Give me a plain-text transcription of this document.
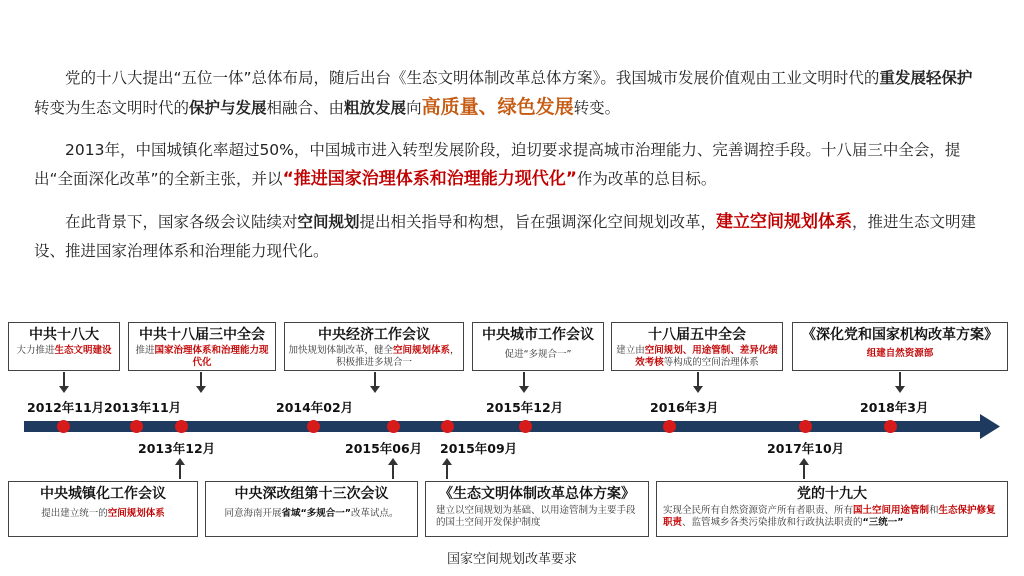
党的十八大提出“五位一体”总体布局，随后出台《生态文明体制改革总体方案》。我国城市发展价值观由工业文明时代的重发展轻保护转变为生态文明时代的保护与发展相融合、由粗放发展向高质量、绿色发展转变。

2013年，中国城镇化率超过50%，中国城市进入转型发展阶段，迫切要求提高城市治理能力、完善调控手段。十八届三中全会，提出“全面深化改革”的全新主张，并以“推进国家治理体系和治理能力现代化”作为改革的总目标。

在此背景下，国家各级会议陆续对空间规划提出相关指导和构想，旨在强调深化空间规划改革，建立空间规划体系，推进生态文明建设、推进国家治理体系和治理能力现代化。

中共十八大
大力推进生态文明建设
中共十八届三中全会
推进国家治理体系和治理能力现代化
中央经济工作会议
加快规划体制改革，健全空间规划体系，积极推进多规合一
中央城市工作会议
促进“多规合一”
十八届五中全会
建立由空间规划、用途管制、差异化绩效考核等构成的空间治理体系
《深化党和国家机构改革方案》
组建自然资源部
2012年11月 2013年11月	2014年02月	2015年12月	2016年3月	2018年3月
2013年12月	2015年06月 2015年09月	2017年10月
中央城镇化工作会议
提出建立统一的空间规划体系
中央深改组第十三次会议
同意海南开展省域“多规合一”改革试点。
《生态文明体制改革总体方案》
建立以空间规划为基础、以用途管制为主要手段的国土空间开发保护制度
党的十九大
实现全民所有自然资源资产所有者职责、所有国土空间用途管制和生态保护修复职责、监管城乡各类污染排放和行政执法职责的“三统一”
国家空间规划改革要求
